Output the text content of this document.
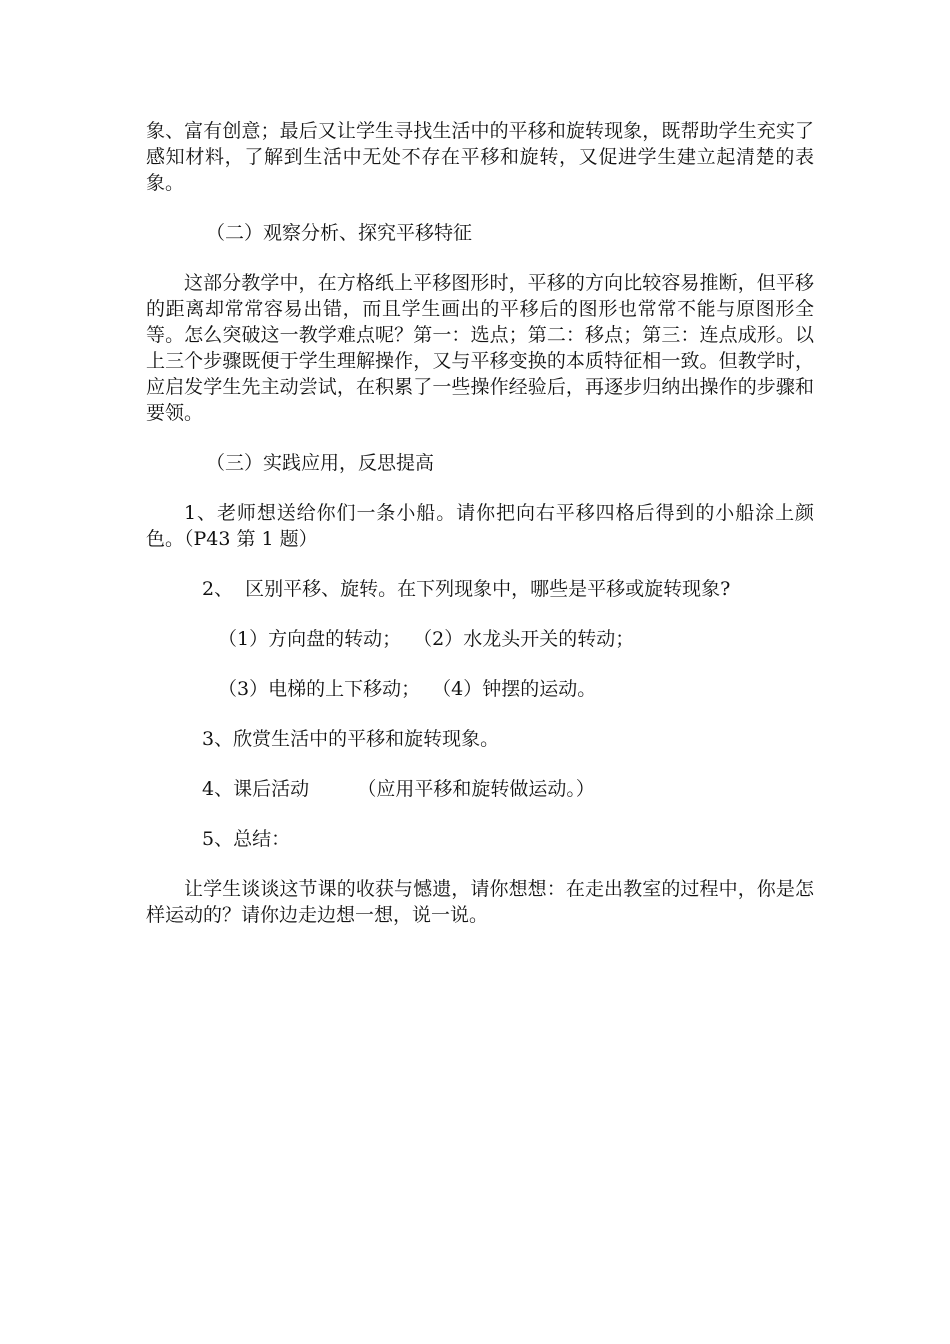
象、富有创意；最后又让学生寻找生活中的平移和旋转现象，既帮助学生充实了感知材料，了解到生活中无处不存在平移和旋转，又促进学生建立起清楚的表象。

（二）观察分析、探究平移特征

这部分教学中，在方格纸上平移图形时，平移的方向比较容易推断，但平移的距离却常常容易出错，而且学生画出的平移后的图形也常常不能与原图形全等。怎么突破这一教学难点呢？第一：选点；第二：移点；第三：连点成形。以上三个步骤既便于学生理解操作，又与平移变换的本质特征相一致。但教学时，应启发学生先主动尝试，在积累了一些操作经验后，再逐步归纳出操作的步骤和要领。

（三）实践应用，反思提高

1、老师想送给你们一条小船。请你把向右平移四格后得到的小船涂上颜色。（P43 第 1 题）

2、  区别平移、旋转。在下列现象中，哪些是平移或旋转现象?

（1）方向盘的转动；  （2）水龙头开关的转动；

（3）电梯的上下移动；  （4）钟摆的运动。

3、欣赏生活中的平移和旋转现象。

4、课后活动        （应用平移和旋转做运动。）

5、总结：

让学生谈谈这节课的收获与憾遗，请你想想：在走出教室的过程中，你是怎样运动的？请你边走边想一想，说一说。
